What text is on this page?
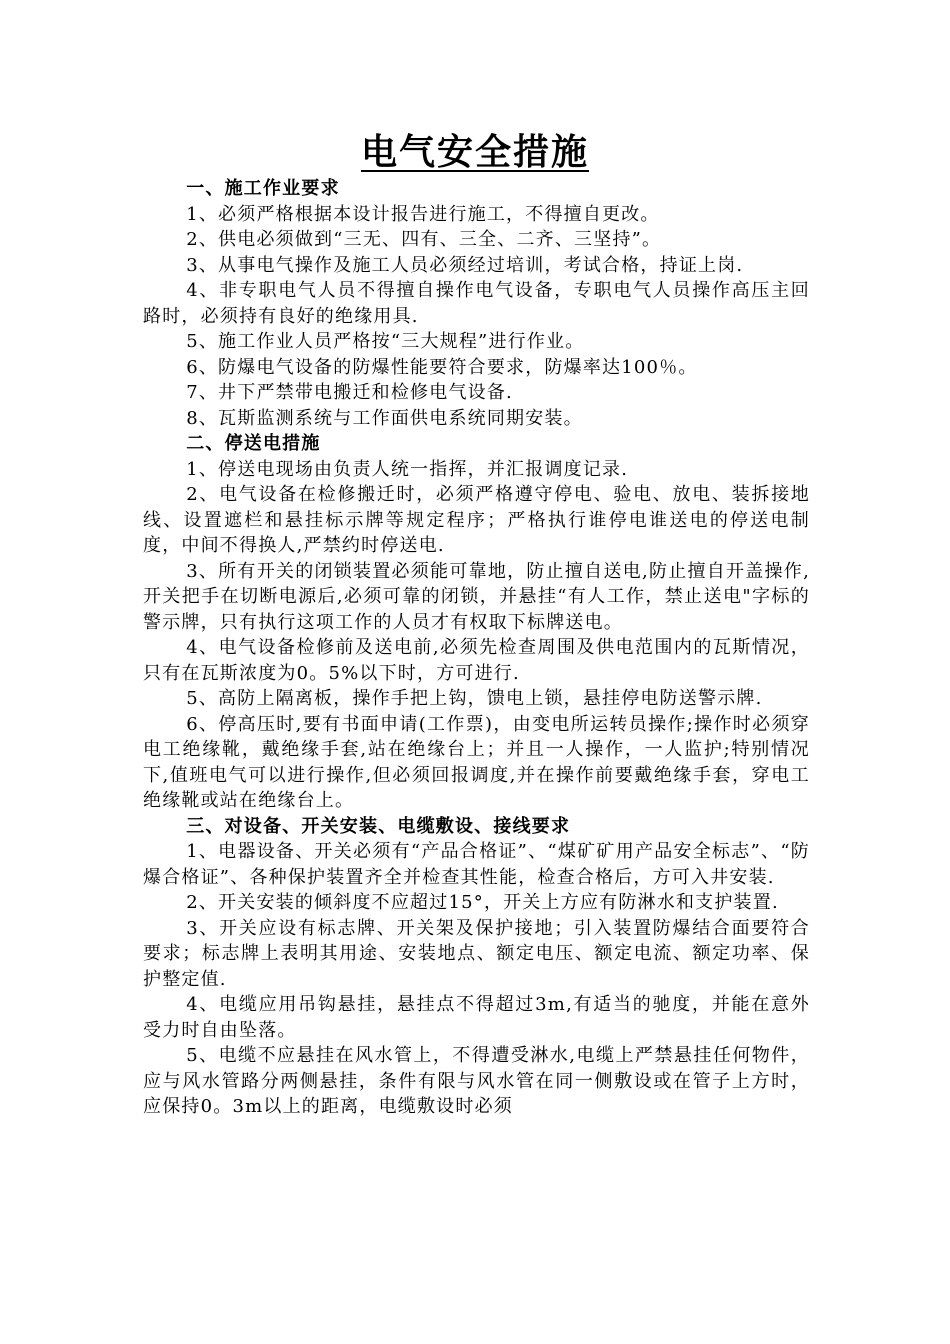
电气安全措施
一、施工作业要求

1、必须严格根据本设计报告进行施工，不得擅自更改。

2、供电必须做到“三无、四有、三全、二齐、三坚持”。

3、从事电气操作及施工人员必须经过培训，考试合格，持证上岗.

4、非专职电气人员不得擅自操作电气设备，专职电气人员操作高压主回路时，必须持有良好的绝缘用具.

5、施工作业人员严格按“三大规程”进行作业。

6、防爆电气设备的防爆性能要符合要求，防爆率达100％。

7、井下严禁带电搬迁和检修电气设备.

8、瓦斯监测系统与工作面供电系统同期安装。

二、停送电措施

1、停送电现场由负责人统一指挥，并汇报调度记录.

2、电气设备在检修搬迁时，必须严格遵守停电、验电、放电、装拆接地线、设置遮栏和悬挂标示牌等规定程序；严格执行谁停电谁送电的停送电制度，中间不得换人,严禁约时停送电.

3、所有开关的闭锁装置必须能可靠地，防止擅自送电,防止擅自开盖操作,开关把手在切断电源后,必须可靠的闭锁，并悬挂“有人工作，禁止送电"字标的警示牌，只有执行这项工作的人员才有权取下标牌送电。

4、电气设备检修前及送电前,必须先检查周围及供电范围内的瓦斯情况，只有在瓦斯浓度为0。5%以下时，方可进行.

5、高防上隔离板，操作手把上钩，馈电上锁，悬挂停电防送警示牌.

6、停高压时,要有书面申请(工作票)，由变电所运转员操作;操作时必须穿电工绝缘靴，戴绝缘手套,站在绝缘台上；并且一人操作，一人监护;特别情况下,值班电气可以进行操作,但必须回报调度,并在操作前要戴绝缘手套，穿电工绝缘靴或站在绝缘台上。

三、对设备、开关安装、电缆敷设、接线要求

1、电器设备、开关必须有“产品合格证”、“煤矿矿用产品安全标志”、“防爆合格证”、各种保护装置齐全并检查其性能，检查合格后，方可入井安装.

2、开关安装的倾斜度不应超过15°，开关上方应有防淋水和支护装置.

3、开关应设有标志牌、开关架及保护接地；引入装置防爆结合面要符合要求；标志牌上表明其用途、安装地点、额定电压、额定电流、额定功率、保护整定值.

4、电缆应用吊钩悬挂，悬挂点不得超过3m,有适当的驰度，并能在意外受力时自由坠落。

5、电缆不应悬挂在风水管上，不得遭受淋水,电缆上严禁悬挂任何物件，应与风水管路分两侧悬挂，条件有限与风水管在同一侧敷设或在管子上方时，应保持0。3m以上的距离，电缆敷设时必须
